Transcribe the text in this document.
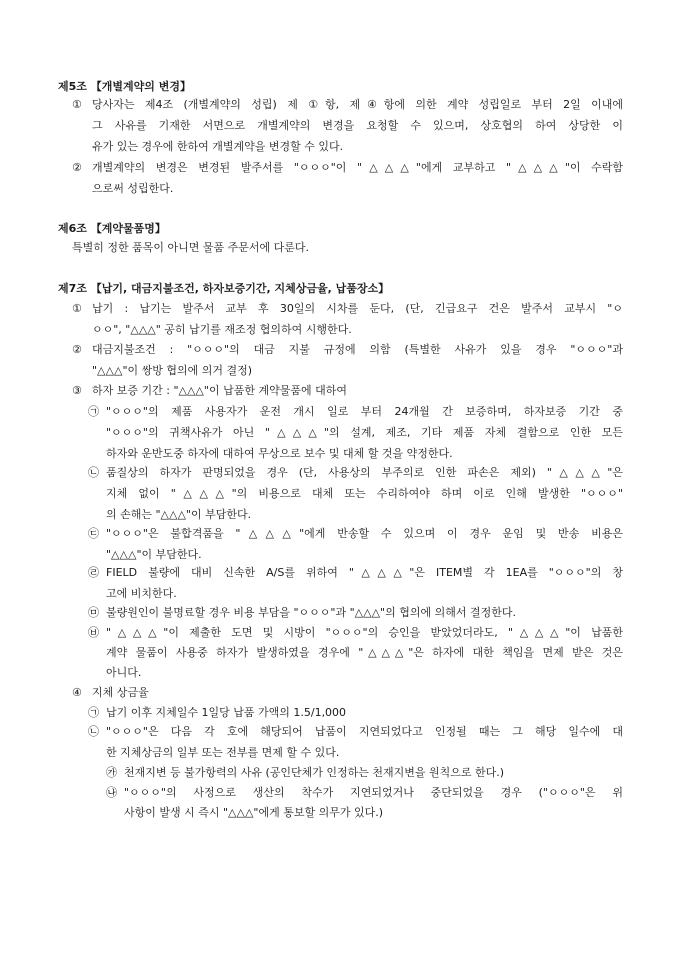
제5조 【개별계약의 변경】
① 당사자는 제4조 (개별계약의 성립) 제 ①항, 제④항에 의한 계약 성립일로 부터 2일 이내에
그 사유를 기재한 서면으로 개별계약의 변경을 요청할 수 있으며, 상호협의 하여 상당한 이
유가 있는 경우에 한하여 개별계약을 변경할 수 있다.
② 개별계약의 변경은 변경된 발주서를 "ㅇㅇㅇ"이 "△△△"에게 교부하고 "△△△"이 수락함
으로써 성립한다.
제6조 【계약물품명】
특별히 정한 품목이 아니면 물품 주문서에 다룬다.
제7조 【납기, 대금지불조건, 하자보증기간, 지체상금율, 납품장소】
① 납기 : 납기는 발주서 교부 후 30일의 시차를 둔다, (단, 긴급요구 건은 발주서 교부시 "ㅇ
ㅇㅇ", "△△△" 공히 납기를 재조정 협의하여 시행한다.
② 대금지불조건 : "ㅇㅇㅇ"의 대금 지불 규정에 의함 (특별한 사유가 있을 경우 "ㅇㅇㅇ"과
"△△△"이 쌍방 협의에 의거 결정)
③ 하자 보증 기간 : "△△△"이 납품한 계약물품에 대하여
㉠ "ㅇㅇㅇ"의 제품 사용자가 운전 개시 일로 부터 24개월 간 보증하며, 하자보증 기간 중
"ㅇㅇㅇ"의 귀책사유가 아닌 "△△△"의 설계, 제조, 기타 제품 자체 결함으로 인한 모든
하자와 운반도중 하자에 대하여 무상으로 보수 및 대체 할 것을 약정한다.
㉡ 품질상의 하자가 판명되었을 경우 (단, 사용상의 부주의로 인한 파손은 제외) "△△△"은
지체 없이 "△△△"의 비용으로 대체 또는 수리하여야 하며 이로 인해 발생한 "ㅇㅇㅇ"
의 손해는 "△△△"이 부담한다.
㉢ "ㅇㅇㅇ"은 불합격품을 "△△△"에게 반송할 수 있으며 이 경우 운임 및 반송 비용은
"△△△"이 부담한다.
㉣ FIELD 불량에 대비 신속한 A/S를 위하여 "△△△"은 ITEM별 각 1EA를 "ㅇㅇㅇ"의 창
고에 비치한다.
㉤ 불량원인이 불명료할 경우 비용 부담을 "ㅇㅇㅇ"과 "△△△"의 협의에 의해서 결정한다.
㉥ "△△△"이 제출한 도면 및 시방이 "ㅇㅇㅇ"의 승인을 받았었더라도, "△△△"이 납품한
계약 물품이 사용중 하자가 발생하였을 경우에 "△△△"은 하자에 대한 책임을 면제 받은 것은
아니다.
④ 지체 상금율
㉠ 납기 이후 지체일수 1일당 납품 가액의 1.5/1,000
㉡ "ㅇㅇㅇ"은 다음 각 호에 해당되어 납품이 지연되었다고 인정될 때는 그 해당 일수에 대
한 지체상금의 일부 또는 전부를 면제 할 수 있다.
㉮ 천재지변 등 불가항력의 사유 (공인단체가 인정하는 천재지변을 원칙으로 한다.)
㉯ "ㅇㅇㅇ"의 사정으로 생산의 착수가 지연되었거나 중단되었을 경우 ("ㅇㅇㅇ"은 위
사항이 발생 시 즉시 "△△△"에게 통보할 의무가 있다.)
